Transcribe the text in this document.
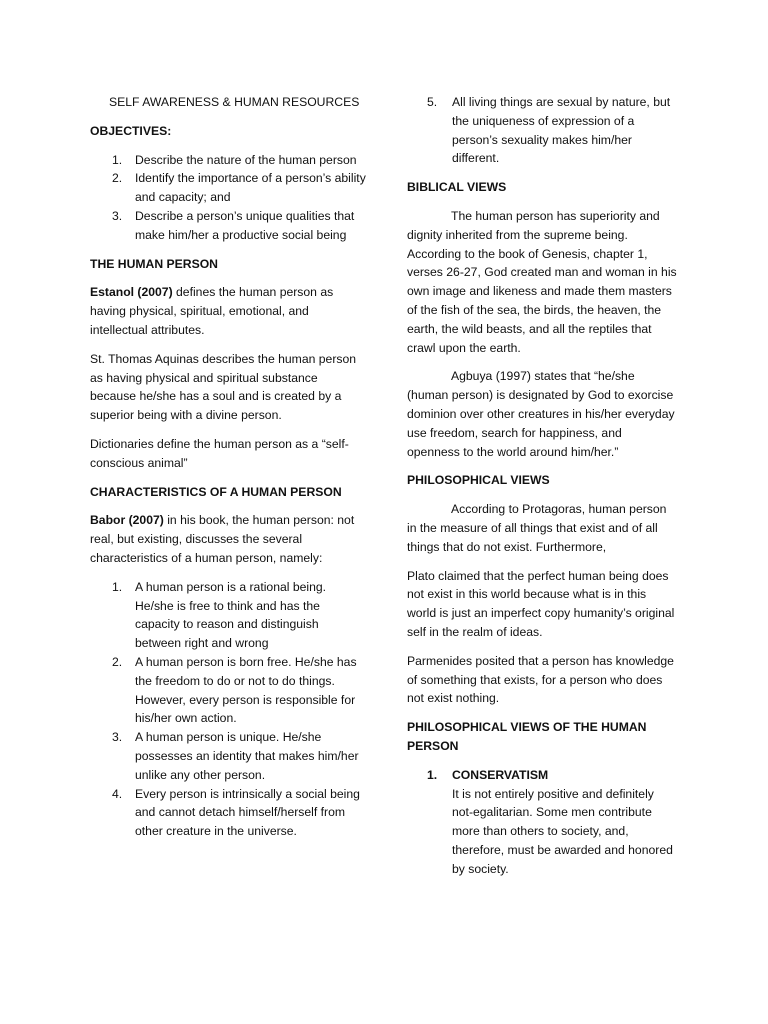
SELF AWARENESS & HUMAN RESOURCES

OBJECTIVES:

1. Describe the nature of the human person
2. Identify the importance of a person’s ability and capacity; and
3. Describe a person’s unique qualities that make him/her a productive social being

THE HUMAN PERSON

Estanol (2007) defines the human person as having physical, spiritual, emotional, and intellectual attributes.

St. Thomas Aquinas describes the human person as having physical and spiritual substance because he/she has a soul and is created by a superior being with a divine person.

Dictionaries define the human person as a “self-conscious animal”

CHARACTERISTICS OF A HUMAN PERSON

Babor (2007) in his book, the human person: not real, but existing, discusses the several characteristics of a human person, namely:

1. A human person is a rational being. He/she is free to think and has the capacity to reason and distinguish between right and wrong
2. A human person is born free. He/she has the freedom to do or not to do things. However, every person is responsible for his/her own action.
3. A human person is unique. He/she possesses an identity that makes him/her unlike any other person.
4. Every person is intrinsically a social being and cannot detach himself/herself from other creature in the universe.
5. All living things are sexual by nature, but the uniqueness of expression of a person’s sexuality makes him/her different.

BIBLICAL VIEWS

The human person has superiority and dignity inherited from the supreme being. According to the book of Genesis, chapter 1, verses 26-27, God created man and woman in his own image and likeness and made them masters of the fish of the sea, the birds, the heaven, the earth, the wild beasts, and all the reptiles that crawl upon the earth.

Agbuya (1997) states that “he/she (human person) is designated by God to exorcise dominion over other creatures in his/her everyday use freedom, search for happiness, and openness to the world around him/her.”

PHILOSOPHICAL VIEWS

According to Protagoras, human person in the measure of all things that exist and of all things that do not exist. Furthermore,

Plato claimed that the perfect human being does not exist in this world because what is in this world is just an imperfect copy humanity’s original self in the realm of ideas.

Parmenides posited that a person has knowledge of something that exists, for a person who does not exist nothing.

PHILOSOPHICAL VIEWS OF THE HUMAN PERSON

1. CONSERVATISM
It is not entirely positive and definitely not-egalitarian. Some men contribute more than others to society, and, therefore, must be awarded and honored by society.
